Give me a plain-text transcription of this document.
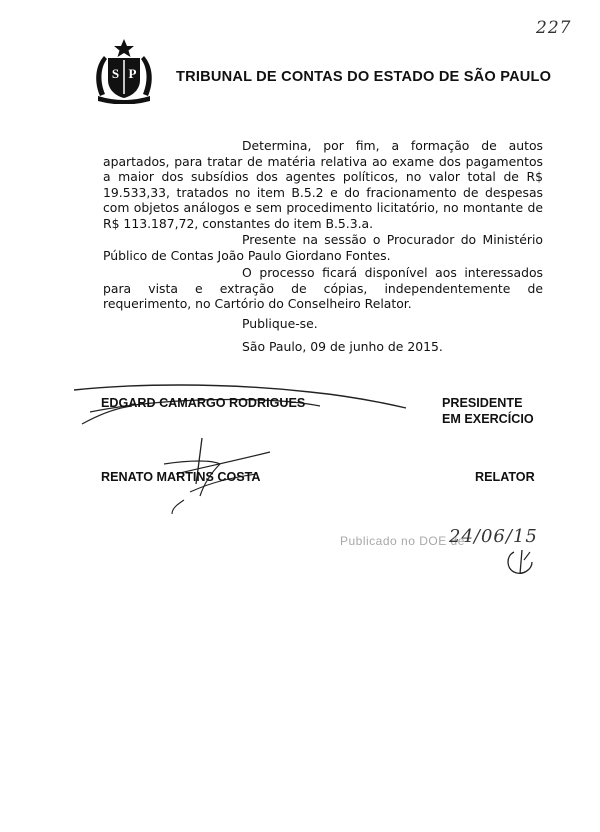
227
S P	TRIBUNAL DE CONTAS DO ESTADO DE SÃO PAULO

Determina, por fim, a formação de autos apartados, para tratar de matéria relativa ao exame dos pagamentos a maior dos subsídios dos agentes políticos, no valor total de R$ 19.533,33, tratados no item B.5.2 e do fracionamento de despesas com objetos análogos e sem procedimento licitatório, no montante de R$ 113.187,72, constantes do item B.5.3.a.

Presente na sessão o Procurador do Ministério Público de Contas João Paulo Giordano Fontes.

O processo ficará disponível aos interessados para vista e extração de cópias, independentemente de requerimento, no Cartório do Conselheiro Relator.

Publique-se.

São Paulo, 09 de junho de 2015.

EDGARD CAMARGO RODRIGUES	PRESIDENTE
EM EXERCÍCIO
RENATO MARTINS COSTA	RELATOR
Publicado no DOE de
24/06/15
